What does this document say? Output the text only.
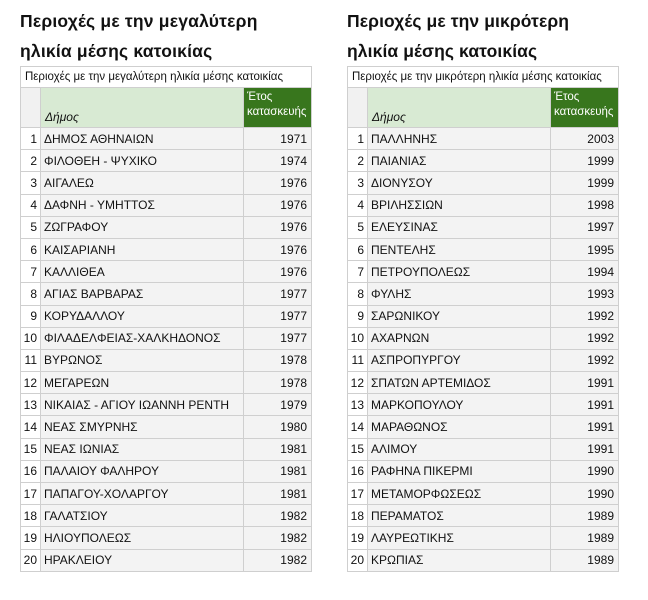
Περιοχές με την μεγαλύτερη
ηλικία μέσης κατοικίας
Περιοχές με την μεγαλύτερη ηλικία μέσης κατοικίας		
	Δήμος	Έτος κατασκευής
1	ΔΗΜΟΣ ΑΘΗΝΑΙΩΝ	1971
2	ΦΙΛΟΘΕΗ - ΨΥΧΙΚΟ	1974
3	ΑΙΓΑΛΕΩ	1976
4	ΔΑΦΝΗ - ΥΜΗΤΤΟΣ	1976
5	ΖΩΓΡΑΦΟΥ	1976
6	ΚΑΙΣΑΡΙΑΝΗ	1976
7	ΚΑΛΛΙΘΕΑ	1976
8	ΑΓΙΑΣ ΒΑΡΒΑΡΑΣ	1977
9	ΚΟΡΥΔΑΛΛΟΥ	1977
10	ΦΙΛΑΔΕΛΦΕΙΑΣ-ΧΑΛΚΗΔΟΝΟΣ	1977
11	ΒΥΡΩΝΟΣ	1978
12	ΜΕΓΑΡΕΩΝ	1978
13	ΝΙΚΑΙΑΣ - ΑΓΙΟΥ ΙΩΑΝΝΗ ΡΕΝΤΗ	1979
14	ΝΕΑΣ ΣΜΥΡΝΗΣ	1980
15	ΝΕΑΣ ΙΩΝΙΑΣ	1981
16	ΠΑΛΑΙΟΥ ΦΑΛΗΡΟΥ	1981
17	ΠΑΠΑΓΟΥ-ΧΟΛΑΡΓΟΥ	1981
18	ΓΑΛΑΤΣΙΟΥ	1982
19	ΗΛΙΟΥΠΟΛΕΩΣ	1982
20	ΗΡΑΚΛΕΙΟΥ	1982
Περιοχές με την μικρότερη
ηλικία μέσης κατοικίας
Περιοχές με την μικρότερη ηλικία μέσης κατοικίας		
	Δήμος	Έτος κατασκευής
1	ΠΑΛΛΗΝΗΣ	2003
2	ΠΑΙΑΝΙΑΣ	1999
3	ΔΙΟΝΥΣΟΥ	1999
4	ΒΡΙΛΗΣΣΙΩΝ	1998
5	ΕΛΕΥΣΙΝΑΣ	1997
6	ΠΕΝΤΕΛΗΣ	1995
7	ΠΕΤΡΟΥΠΟΛΕΩΣ	1994
8	ΦΥΛΗΣ	1993
9	ΣΑΡΩΝΙΚΟΥ	1992
10	ΑΧΑΡΝΩΝ	1992
11	ΑΣΠΡΟΠΥΡΓΟΥ	1992
12	ΣΠΑΤΩΝ ΑΡΤΕΜΙΔΟΣ	1991
13	ΜΑΡΚΟΠΟΥΛΟΥ	1991
14	ΜΑΡΑΘΩΝΟΣ	1991
15	ΑΛΙΜΟΥ	1991
16	ΡΑΦΗΝΑ ΠΙΚΕΡΜΙ	1990
17	ΜΕΤΑΜΟΡΦΩΣΕΩΣ	1990
18	ΠΕΡΑΜΑΤΟΣ	1989
19	ΛΑΥΡΕΩΤΙΚΗΣ	1989
20	ΚΡΩΠΙΑΣ	1989
